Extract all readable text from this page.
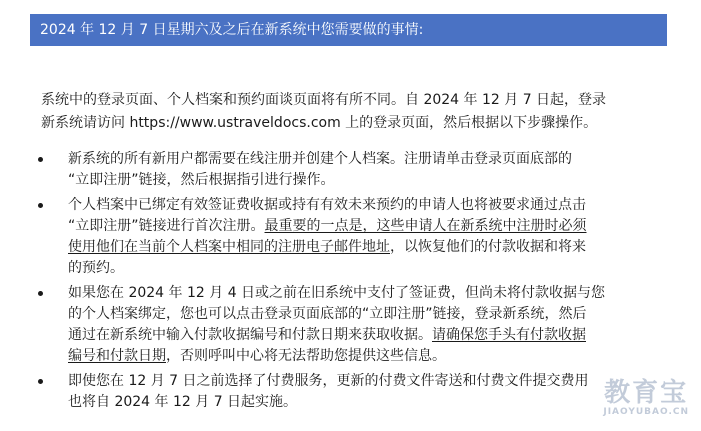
2024 年 12 月 7 日星期六及之后在新系统中您需要做的事情:

系统中的登录页面、个人档案和预约面谈页面将有所不同。自 2024 年 12 月 7 日起，登录

新系统请访问 https://www.ustraveldocs.com 上的登录页面，然后根据以下步骤操作。

新系统的所有新用户都需要在线注册并创建个人档案。注册请单击登录页面底部的
“立即注册”链接，然后根据指引进行操作。
个人档案中已绑定有效签证费收据或持有有效未来预约的申请人也将被要求通过点击
“立即注册”链接进行首次注册。最重要的一点是，这些申请人在新系统中注册时必须
使用他们在当前个人档案中相同的注册电子邮件地址，以恢复他们的付款收据和将来
的预约。
如果您在 2024 年 12 月 4 日或之前在旧系统中支付了签证费，但尚未将付款收据与您
的个人档案绑定，您也可以点击登录页面底部的“立即注册”链接，登录新系统，然后
通过在新系统中输入付款收据编号和付款日期来获取收据。请确保您手头有付款收据
编号和付款日期，否则呼叫中心将无法帮助您提供这些信息。
即使您在 12 月 7 日之前选择了付费服务，更新的付费文件寄送和付费文件提交费用
也将自 2024 年 12 月 7 日起实施。	教育宝
JIAOYUBAO.CN
